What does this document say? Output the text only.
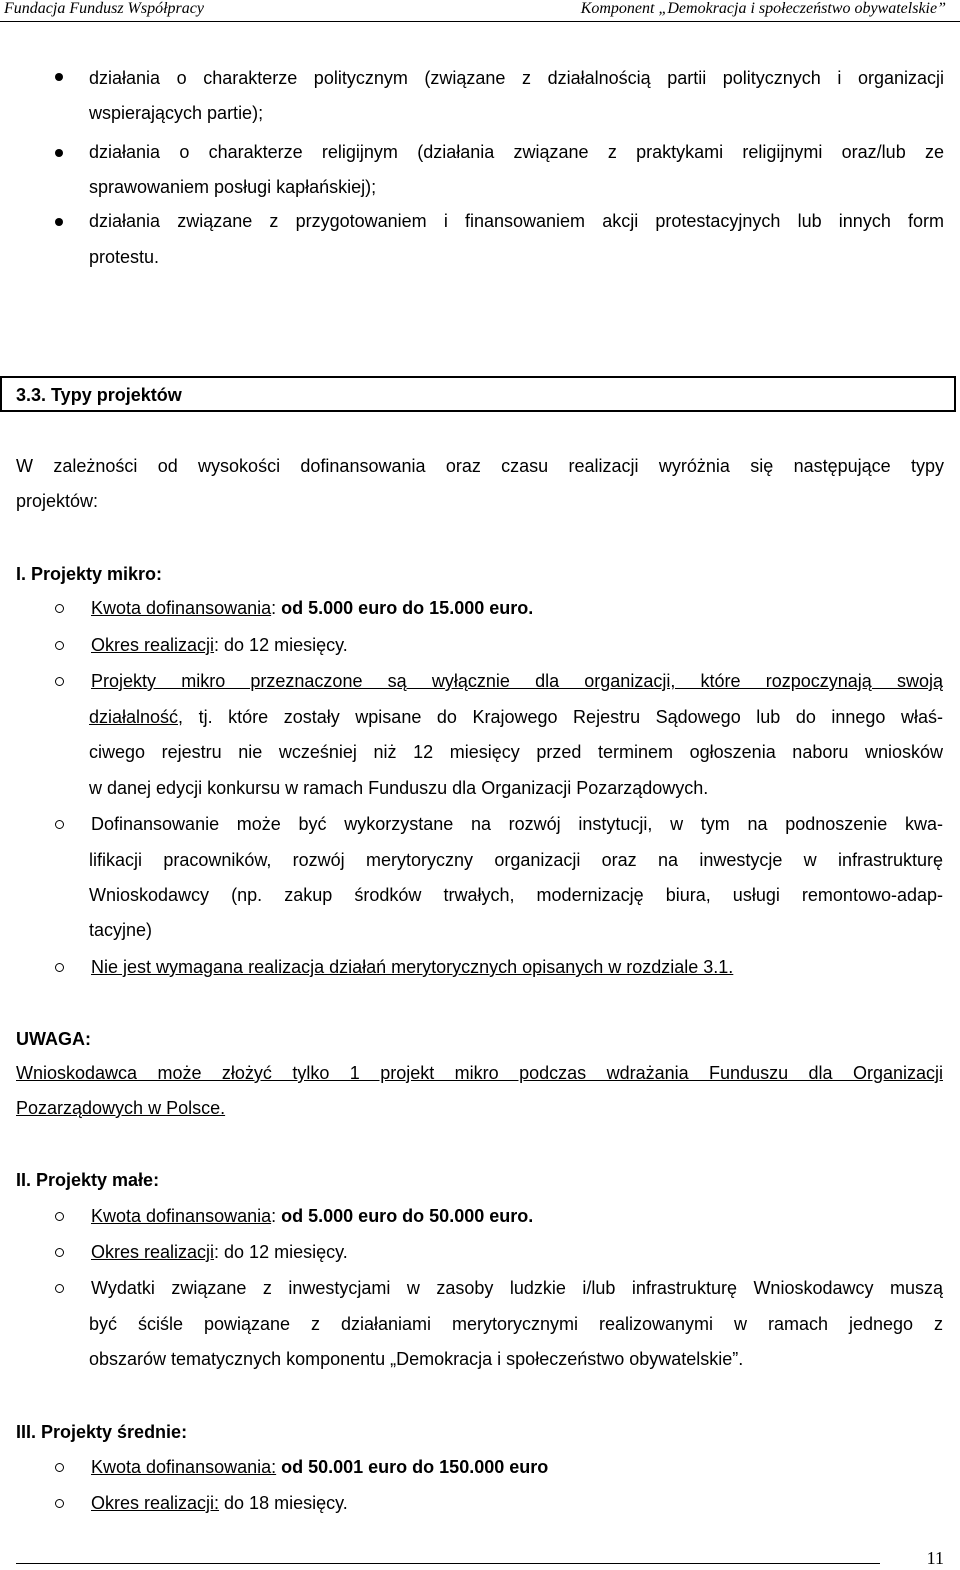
Fundacja Fundusz Współpracy	Komponent „Demokracja i społeczeństwo obywatelskie”
działania o charakterze politycznym (związane z działalnością partii politycznych i organizacji
wspierających partie);
działania o charakterze religijnym (działania związane z praktykami religijnymi oraz/lub ze
sprawowaniem posługi kapłańskiej);
działania związane z przygotowaniem i finansowaniem akcji protestacyjnych lub innych form
protestu.
3.3. Typy projektów
W zależności od wysokości dofinansowania oraz czasu realizacji wyróżnia się następujące typy
projektów:
I. Projekty mikro:
Kwota dofinansowania: od 5.000 euro do 15.000 euro.
Okres realizacji: do 12 miesięcy.
Projekty mikro przeznaczone są wyłącznie dla organizacji, które rozpoczynają swoją
działalność, tj. które zostały wpisane do Krajowego Rejestru Sądowego lub do innego właś-
ciwego rejestru nie wcześniej niż 12 miesięcy przed terminem ogłoszenia naboru wniosków
w danej edycji konkursu w ramach Funduszu dla Organizacji Pozarządowych.
Dofinansowanie może być wykorzystane na rozwój instytucji, w tym na podnoszenie kwa-
lifikacji pracowników, rozwój merytoryczny organizacji oraz na inwestycje w infrastrukturę
Wnioskodawcy (np. zakup środków trwałych, modernizację biura, usługi remontowo-adap-
tacyjne)
Nie jest wymagana realizacja działań merytorycznych opisanych w rozdziale 3.1.
UWAGA:
Wnioskodawca może złożyć tylko 1 projekt mikro podczas wdrażania Funduszu dla Organizacji
Pozarządowych w Polsce.
II. Projekty małe:
Kwota dofinansowania: od 5.000 euro do 50.000 euro.
Okres realizacji: do 12 miesięcy.
Wydatki związane z inwestycjami w zasoby ludzkie i/lub infrastrukturę Wnioskodawcy muszą
być ściśle powiązane z działaniami merytorycznymi realizowanymi w ramach jednego z
obszarów tematycznych komponentu „Demokracja i społeczeństwo obywatelskie”.
III. Projekty średnie:
Kwota dofinansowania: od 50.001 euro do 150.000 euro
Okres realizacji: do 18 miesięcy.
11
